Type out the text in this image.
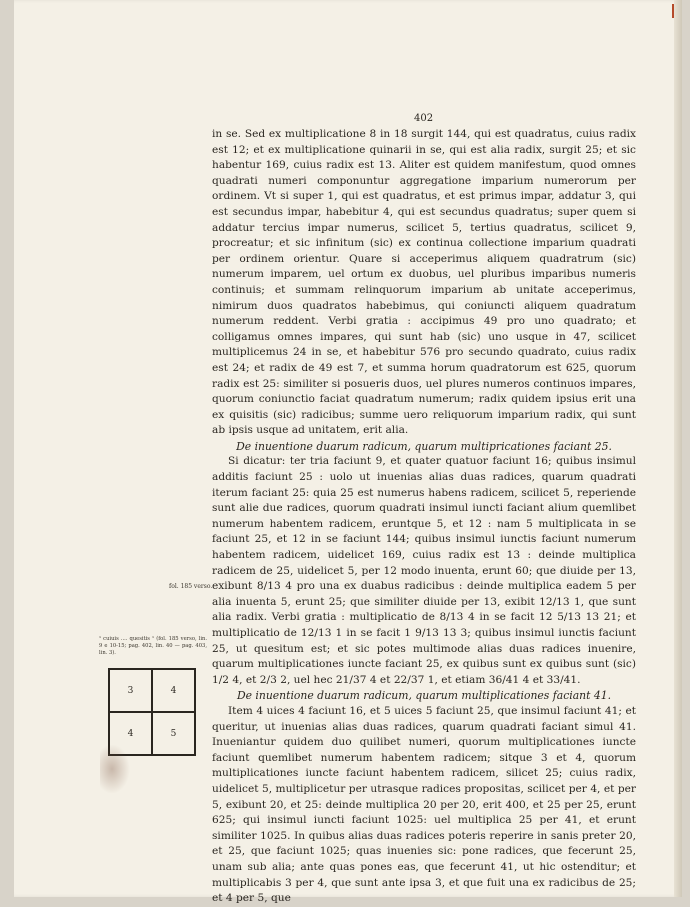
402

in se. Sed ex multiplicatione 8 in 18 surgit 144, qui est quadratus, cuius radix est 12; et ex multiplicatione quinarii in se, qui est alia radix, surgit 25; et sic habentur 169, cuius radix est 13. Aliter est quidem manifestum, quod omnes quadrati numeri componuntur aggregatione imparium numerorum per ordinem. Vt si super 1, qui est quadratus, et est primus impar, addatur 3, qui est secundus impar, habebitur 4, qui est secundus quadratus; super quem si addatur tercius impar numerus, scilicet 5, tertius quadratus, scilicet 9, procreatur; et sic infinitum (sic) ex continua collectione imparium quadrati per ordinem orientur. Quare si acceperimus aliquem quadratrum (sic) numerum imparem, uel ortum ex duobus, uel pluribus imparibus numeris continuis; et summam relinquorum imparium ab unitate acceperimus, nimirum duos quadratos habebimus, qui coniuncti aliquem quadratum numerum reddent. Verbi gratia : accipimus 49 pro uno quadrato; et colligamus omnes impares, qui sunt hab (sic) uno usque in 47, scilicet multiplicemus 24 in se, et habebitur 576 pro secundo quadrato, cuius radix est 24; et radix de 49 est 7, et summa horum quadratorum est 625, quorum radix est 25: similiter si posueris duos, uel plures numeros continuos impares, quorum coniunctio faciat quadratum numerum; radix quidem ipsius erit una ex quisitis (sic) radicibus; summe uero reliquorum imparium radix, qui sunt ab ipsis usque ad unitatem, erit alia.

De inuentione duarum radicum, quarum multipricationes faciant 25.

Si dicatur: ter tria faciunt 9, et quater quatuor faciunt 16; quibus insimul additis faciunt 25 : uolo ut inuenias alias duas radices, quarum quadrati iterum faciant 25: quia 25 est numerus habens radicem, scilicet 5, reperiende sunt alie due radices, quorum quadrati insimul iuncti faciant alium quemlibet numerum habentem radicem, eruntque 5, et 12 : nam 5 multiplicata in se faciunt 25, et 12 in se faciunt 144; quibus insimul iunctis faciunt numerum habentem radicem, uidelicet 169, cuius radix est 13 : deinde multiplica radicem de 25, uidelicet 5, per 12 modo inuenta, erunt 60; que diuide per 13, exibunt 8/13 4 pro una ex duabus radicibus : deinde multiplica eadem 5 per alia inuenta 5, erunt 25; que similiter diuide per 13, exibit 12/13 1, que sunt alia radix. Verbi gratia : multiplicatio de 8/13 4 in se facit 12 5/13 13 21; et multiplicatio de 12/13 1 in se facit 1 9/13 13 3; quibus insimul iunctis faciunt 25, ut quesitum est; et sic potes multimode alias duas radices inuenire, quarum multiplicationes iuncte faciant 25, ex quibus sunt ex quibus sunt (sic) 1/2 4, et 2/3 2, uel hec 21/37 4 et 22/37 1, et etiam 36/41 4 et 33/41.

De inuentione duarum radicum, quarum multiplicationes faciant 41.

Item 4 uices 4 faciunt 16, et 5 uices 5 faciunt 25, que insimul faciunt 41; et queritur, ut inuenias alias duas radices, quarum quadrati faciant simul 41. Inueniantur quidem duo quilibet numeri, quorum multiplicationes iuncte faciunt quemlibet numerum habentem radicem; sitque 3 et 4, quorum multiplicationes iuncte faciunt habentem radicem, silicet 25; cuius radix, uidelicet 5, multiplicetur per utrasque radices propositas, scilicet per 4, et per 5, exibunt 20, et 25: deinde multiplica 20 per 20, erit 400, et 25 per 25, erunt 625; qui insimul iuncti faciunt 1025: uel multiplica 25 per 41, et erunt similiter 1025. In quibus alias duas radices poteris reperire in sanis preter 20, et 25, que faciunt 1025; quas inuenies sic: pone radices, que fecerunt 25, unam sub alia; ante quas pones eas, que fecerunt 41, ut hic ostenditur; et multiplicabis 3 per 4, que sunt ante ipsa 3, et que fuit una ex radicibus de 25; et 4 per 5, que

fol. 185 verso.
¹ cuiuis .... quesitis ¹ (fol. 185 verso, lin. 9 e 10-15; pag. 402, lin. 40 — pag. 403, lin. 3).
3	4
4	5
